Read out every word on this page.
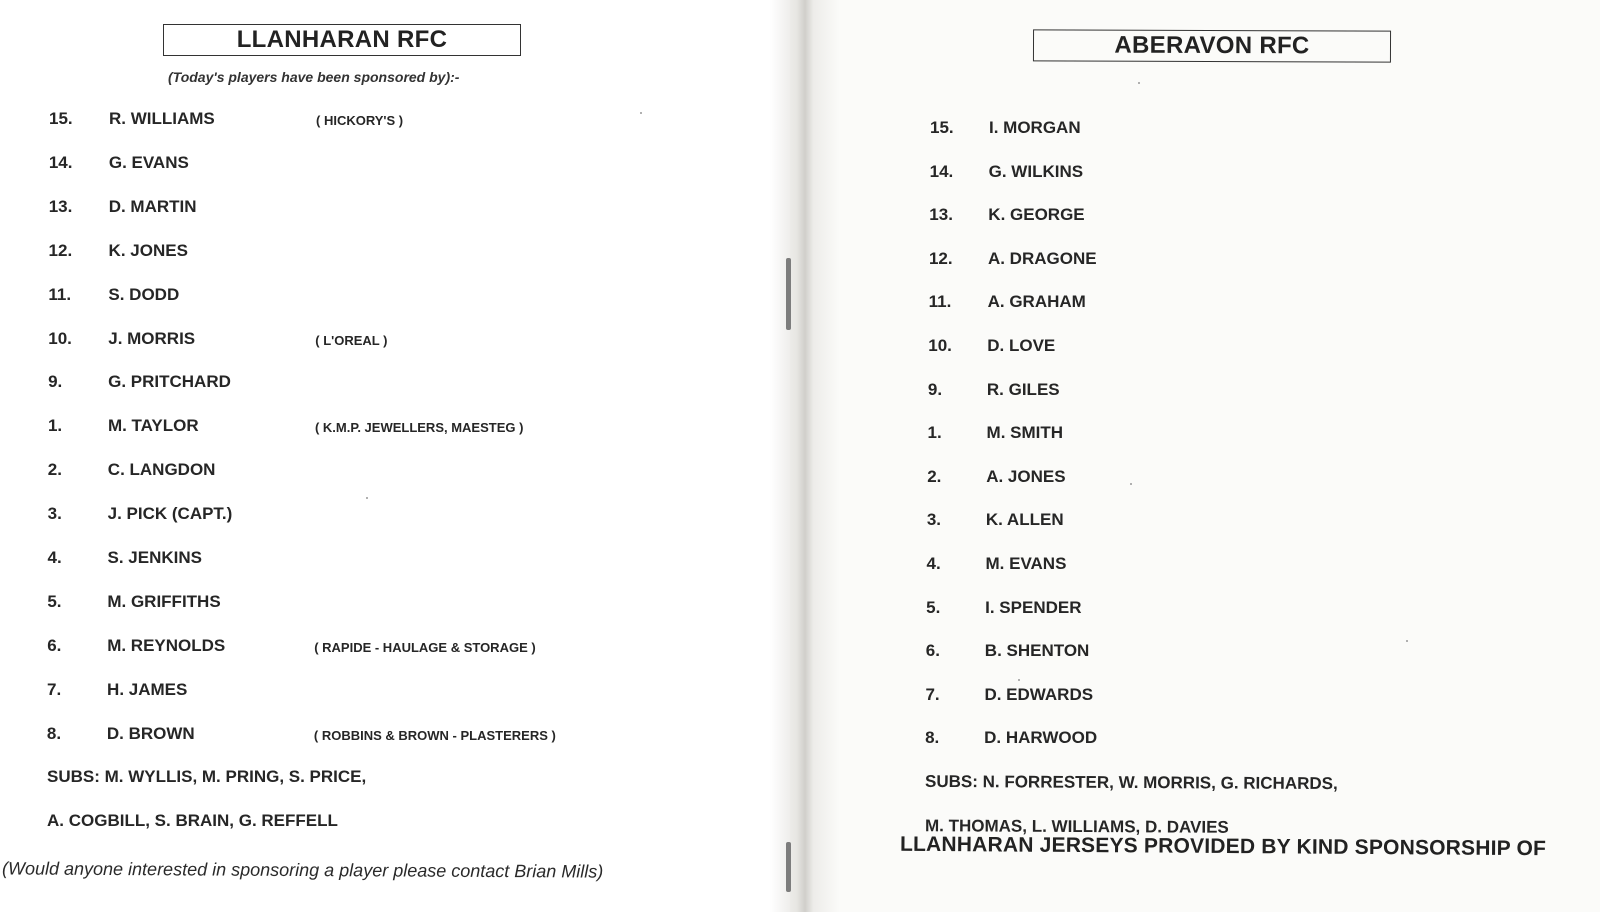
LLANHARAN RFC
(Today's players have been sponsored by):-
15. R. WILLIAMS	( HICKORY'S )
14. G. EVANS
13. D. MARTIN
12. K. JONES
11. S. DODD
10. J. MORRIS	( L'OREAL )
9.	G. PRITCHARD
1.	M. TAYLOR	( K.M.P. JEWELLERS, MAESTEG )
2.	C. LANGDON
3.	J. PICK (CAPT.)
4.	S. JENKINS
5.	M. GRIFFITHS
6.	M. REYNOLDS	( RAPIDE - HAULAGE & STORAGE )
7.	H. JAMES
8.	D. BROWN	( ROBBINS & BROWN - PLASTERERS )
SUBS: M. WYLLIS, M. PRING, S. PRICE,
A. COGBILL, S. BRAIN, G. REFFELL
(Would anyone interested in sponsoring a player please contact Brian Mills)
ABERAVON RFC
15. I. MORGAN
14. G. WILKINS
13. K. GEORGE
12. A. DRAGONE
11. A. GRAHAM
10. D. LOVE
9.	R. GILES
1.	M. SMITH
2.	A. JONES
3.	K. ALLEN
4.	M. EVANS
5.	I. SPENDER
6.	B. SHENTON
7.	D. EDWARDS
8.	D. HARWOOD
SUBS: N. FORRESTER, W. MORRIS, G. RICHARDS,
M. THOMAS, L. WILLIAMS, D. DAVIES
LLANHARAN JERSEYS PROVIDED BY KIND SPONSORSHIP OF
